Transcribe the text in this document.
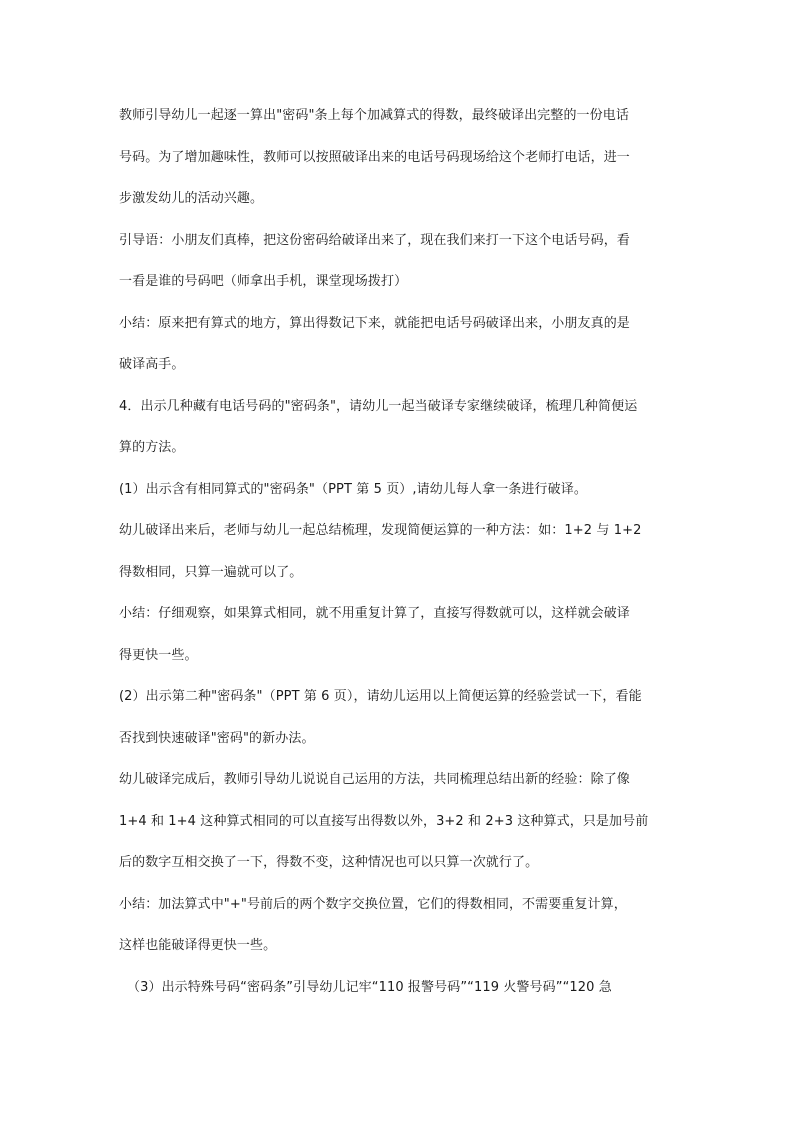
教师引导幼儿一起逐一算出"密码"条上每个加减算式的得数，最终破译出完整的一份电话
号码。为了增加趣味性，教师可以按照破译出来的电话号码现场给这个老师打电话，进一
步激发幼儿的活动兴趣。
引导语：小朋友们真棒，把这份密码给破译出来了，现在我们来打一下这个电话号码，看
一看是谁的号码吧（师拿出手机，课堂现场拨打）
小结：原来把有算式的地方，算出得数记下来，就能把电话号码破译出来，小朋友真的是
破译高手。
4．出示几种藏有电话号码的"密码条"，请幼儿一起当破译专家继续破译，梳理几种简便运
算的方法。
(1）出示含有相同算式的"密码条"（PPT 第 5 页）,请幼儿每人拿一条进行破译。
幼儿破译出来后，老师与幼儿一起总结梳理，发现简便运算的一种方法：如：1+2 与 1+2
得数相同，只算一遍就可以了。
小结：仔细观察，如果算式相同，就不用重复计算了，直接写得数就可以，这样就会破译
得更快一些。
(2）出示第二种"密码条"（PPT 第 6 页），请幼儿运用以上简便运算的经验尝试一下，看能
否找到快速破译"密码"的新办法。
幼儿破译完成后，教师引导幼儿说说自己运用的方法，共同梳理总结出新的经验：除了像
1+4 和 1+4 这种算式相同的可以直接写出得数以外，3+2 和 2+3 这种算式，只是加号前
后的数字互相交换了一下，得数不变，这种情况也可以只算一次就行了。
小结：加法算式中"+"号前后的两个数字交换位置，它们的得数相同，不需要重复计算，
这样也能破译得更快一些。
（3）出示特殊号码“密码条”引导幼儿记牢“110 报警号码”“119 火警号码”“120 急
